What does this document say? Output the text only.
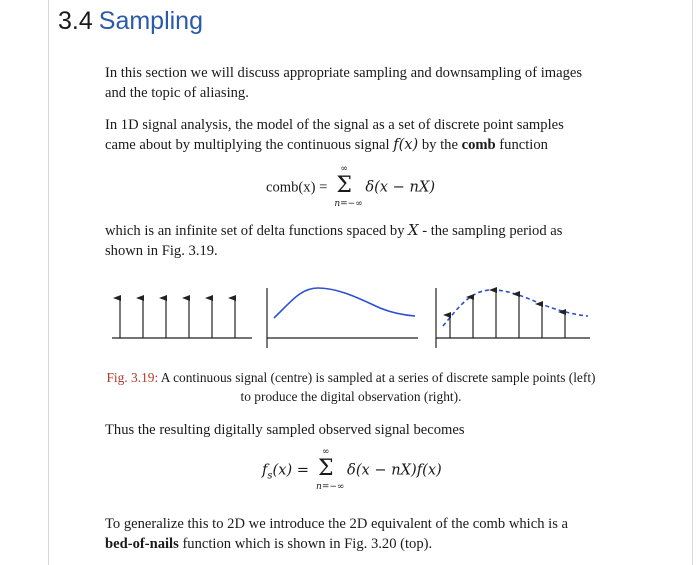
3.4 Sampling

In this section we will discuss appropriate sampling and downsampling of images and the topic of aliasing.

In 1D signal analysis, the model of the signal as a set of discrete point samples came about by multiplying the continuous signal f(x) by the comb function

comb(x) =
∞
Σ
n=−∞
δ(x − nX)

which is an infinite set of delta functions spaced by X - the sampling period as shown in Fig. 3.19.

Fig. 3.19: A continuous signal (centre) is sampled at a series of discrete sample points (left) to produce the digital observation (right).

Thus the resulting digitally sampled observed signal becomes

$f_s(x)$ =
∞
Σ
n=−∞
δ(x − nX)f(x)

To generalize this to 2D we introduce the 2D equivalent of the comb which is a bed-of-nails function which is shown in Fig. 3.20 (top).
